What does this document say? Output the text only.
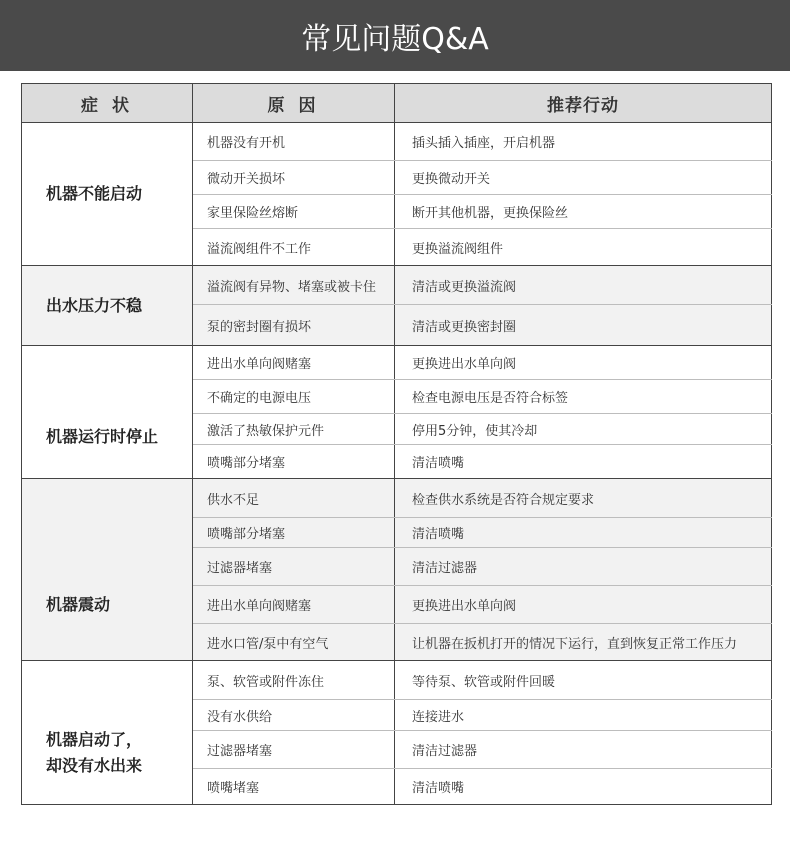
常见问题Q&A
症 状	原 因	推荐行动
机器不能启动	机器没有开机	插头插入插座，开启机器
	微动开关损坏	更换微动开关
	家里保险丝熔断	断开其他机器，更换保险丝
	溢流阀组件不工作	更换溢流阀组件
出水压力不稳	溢流阀有异物、堵塞或被卡住	清洁或更换溢流阀
	泵的密封圈有损坏	清洁或更换密封圈
机器运行时停止	进出水单向阀赌塞	更换进出水单向阀
	不确定的电源电压	检查电源电压是否符合标签
	激活了热敏保护元件	停用5分钟，使其冷却
	喷嘴部分堵塞	清洁喷嘴
机器震动	供水不足	检查供水系统是否符合规定要求
	喷嘴部分堵塞	清洁喷嘴
	过滤器堵塞	清洁过滤器
	进出水单向阀赌塞	更换进出水单向阀
	进水口管/泵中有空气	让机器在扳机打开的情况下运行，直到恢复正常工作压力

机器启动了，
却没有水出来	泵、软管或附件冻住	等待泵、软管或附件回暖
	没有水供给	连接进水
	过滤器堵塞	清洁过滤器
	喷嘴堵塞	清洁喷嘴
